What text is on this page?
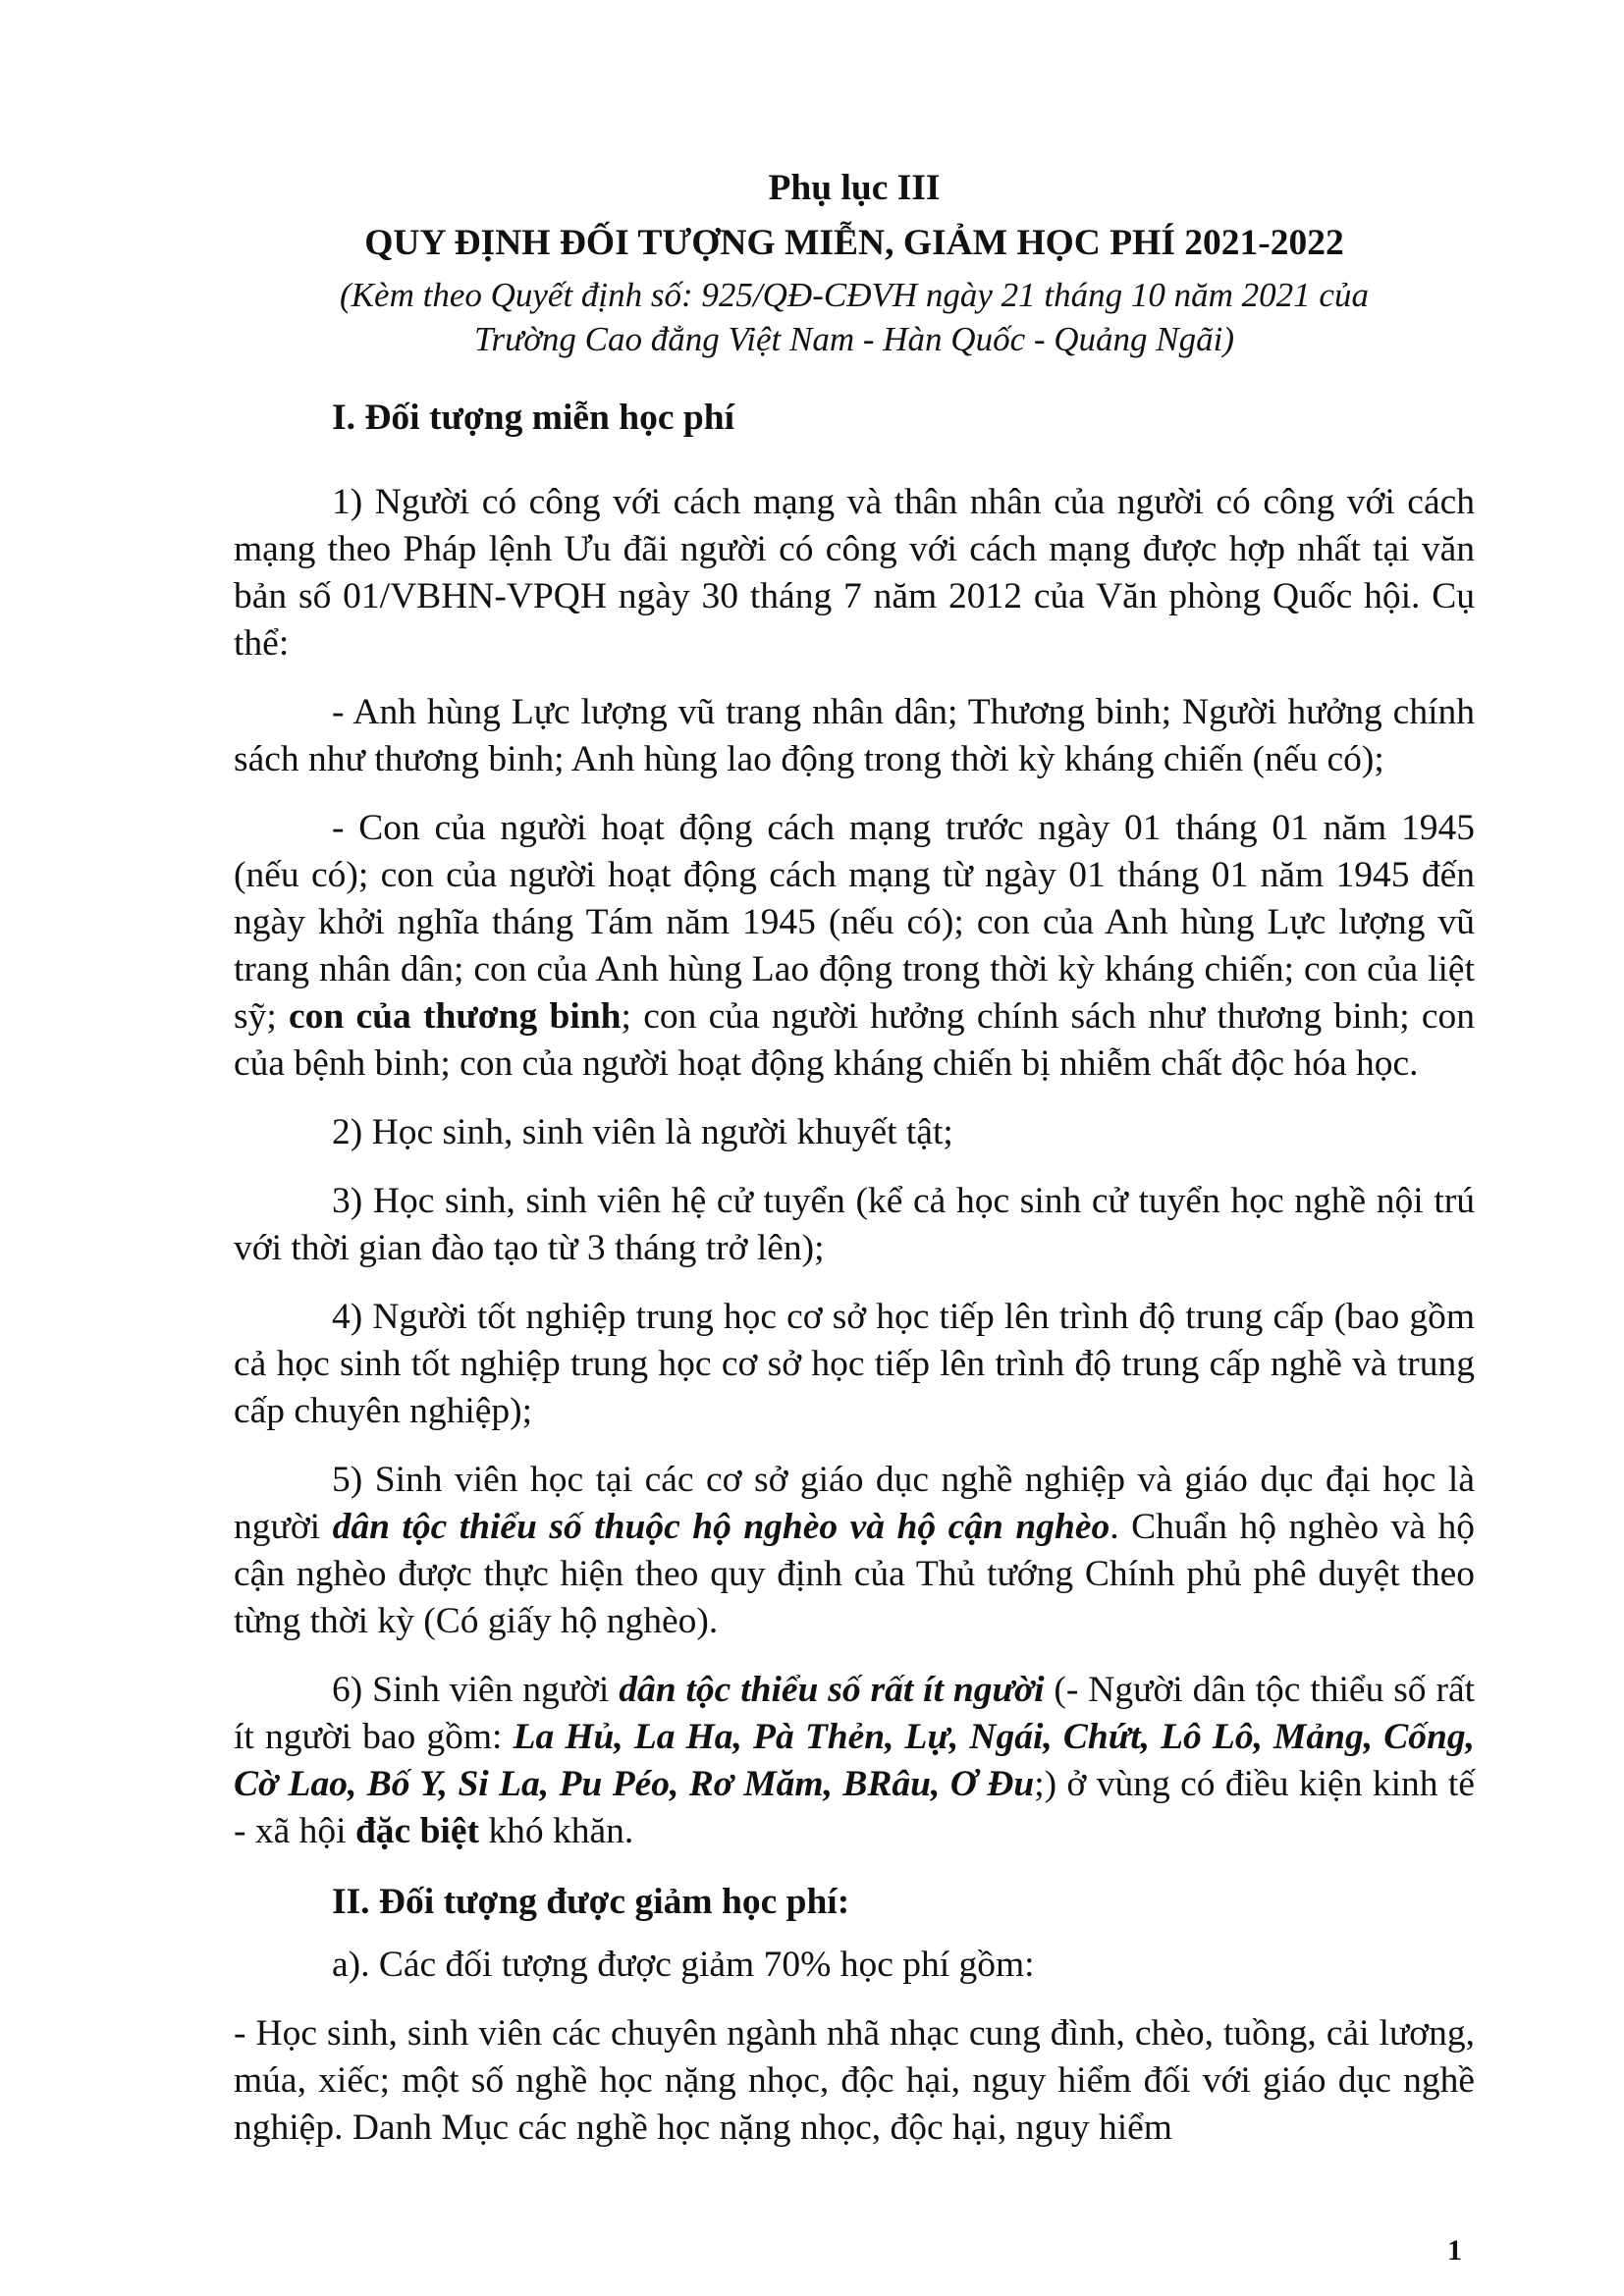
Phụ lục III

QUY ĐỊNH ĐỐI TƯỢNG MIỄN, GIẢM HỌC PHÍ 2021-2022

(Kèm theo Quyết định số: 925/QĐ-CĐVH ngày 21 tháng 10 năm 2021 của
Trường Cao đẳng Việt Nam - Hàn Quốc - Quảng Ngãi)

I. Đối tượng miễn học phí

1) Người có công với cách mạng và thân nhân của người có công với cách mạng theo Pháp lệnh Ưu đãi người có công với cách mạng được hợp nhất tại văn bản số 01/VBHN-VPQH ngày 30 tháng 7 năm 2012 của Văn phòng Quốc hội. Cụ thể:

- Anh hùng Lực lượng vũ trang nhân dân; Thương binh; Người hưởng chính sách như thương binh; Anh hùng lao động trong thời kỳ kháng chiến (nếu có);

- Con của người hoạt động cách mạng trước ngày 01 tháng 01 năm 1945 (nếu có); con của người hoạt động cách mạng từ ngày 01 tháng 01 năm 1945 đến ngày khởi nghĩa tháng Tám năm 1945 (nếu có); con của Anh hùng Lực lượng vũ trang nhân dân; con của Anh hùng Lao động trong thời kỳ kháng chiến; con của liệt sỹ; con của thương binh; con của người hưởng chính sách như thương binh; con của bệnh binh; con của người hoạt động kháng chiến bị nhiễm chất độc hóa học.

2) Học sinh, sinh viên là người khuyết tật;

3) Học sinh, sinh viên hệ cử tuyển (kể cả học sinh cử tuyển học nghề nội trú với thời gian đào tạo từ 3 tháng trở lên);

4) Người tốt nghiệp trung học cơ sở học tiếp lên trình độ trung cấp (bao gồm cả học sinh tốt nghiệp trung học cơ sở học tiếp lên trình độ trung cấp nghề và trung cấp chuyên nghiệp);

5) Sinh viên học tại các cơ sở giáo dục nghề nghiệp và giáo dục đại học là người dân tộc thiểu số thuộc hộ nghèo và hộ cận nghèo. Chuẩn hộ nghèo và hộ cận nghèo được thực hiện theo quy định của Thủ tướng Chính phủ phê duyệt theo từng thời kỳ (Có giấy hộ nghèo).

6) Sinh viên người dân tộc thiểu số rất ít người (- Người dân tộc thiểu số rất ít người bao gồm: La Hủ, La Ha, Pà Thẻn, Lự, Ngái, Chứt, Lô Lô, Mảng, Cống, Cờ Lao, Bố Y, Si La, Pu Péo, Rơ Măm, BRâu, Ơ Đu;) ở vùng có điều kiện kinh tế - xã hội đặc biệt khó khăn.

II. Đối tượng được giảm học phí:

a). Các đối tượng được giảm 70% học phí gồm:

- Học sinh, sinh viên các chuyên ngành nhã nhạc cung đình, chèo, tuồng, cải lương, múa, xiếc; một số nghề học nặng nhọc, độc hại, nguy hiểm đối với giáo dục nghề nghiệp. Danh Mục các nghề học nặng nhọc, độc hại, nguy hiểm

1
